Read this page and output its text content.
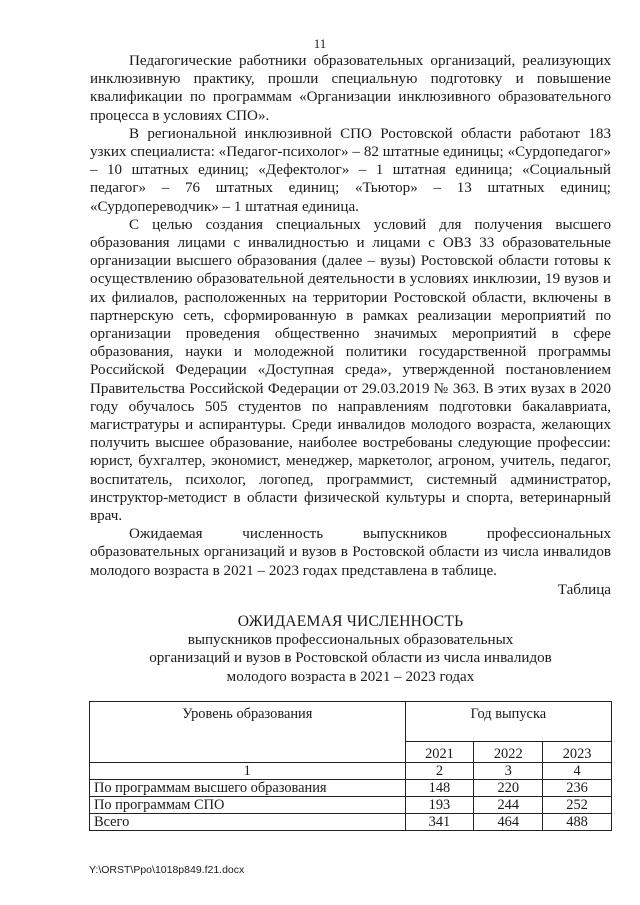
11

Педагогические работники образовательных организаций, реализующих инклюзивную практику, прошли специальную подготовку и повышение квалификации по программам «Организации инклюзивного образовательного процесса в условиях СПО».

В региональной инклюзивной СПО Ростовской области работают 183 узких специалиста: «Педагог-психолог» – 82 штатные единицы; «Сурдопедагог» – 10 штатных единиц; «Дефектолог» – 1 штатная единица; «Социальный педагог» – 76 штатных единиц; «Тьютор» – 13 штатных единиц; «Сурдопереводчик» – 1 штатная единица.

С целью создания специальных условий для получения высшего образования лицами с инвалидностью и лицами с ОВЗ 33 образовательные организации высшего образования (далее – вузы) Ростовской области готовы к осуществлению образовательной деятельности в условиях инклюзии, 19 вузов и их филиалов, расположенных на территории Ростовской области, включены в партнерскую сеть, сформированную в рамках реализации мероприятий по организации проведения общественно значимых мероприятий в сфере образования, науки и молодежной политики государственной программы Российской Федерации «Доступная среда», утвержденной постановлением Правительства Российской Федерации от 29.03.2019 № 363. В этих вузах в 2020 году обучалось 505 студентов по направлениям подготовки бакалавриата, магистратуры и аспирантуры. Среди инвалидов молодого возраста, желающих получить высшее образование, наиболее востребованы следующие профессии: юрист, бухгалтер, экономист, менеджер, маркетолог, агроном, учитель, педагог, воспитатель, психолог, логопед, программист, системный администратор, инструктор-методист в области физической культуры и спорта, ветеринарный врач.

Ожидаемая численность выпускников профессиональных образовательных организаций и вузов в Ростовской области из числа инвалидов молодого возраста в 2021 – 2023 годах представлена в таблице.

Таблица
ОЖИДАЕМАЯ ЧИСЛЕННОСТЬ
выпускников профессиональных образовательных
организаций и вузов в Ростовской области из числа инвалидов
молодого возраста в 2021 – 2023 годах
Уровень образования	Год выпуска		
	2021	2022	2023
1	2	3	4
По программам высшего образования	148	220	236
По программам СПО	193	244	252
Всего	341	464	488
Y:\ORST\Ppo\1018p849.f21.docx
